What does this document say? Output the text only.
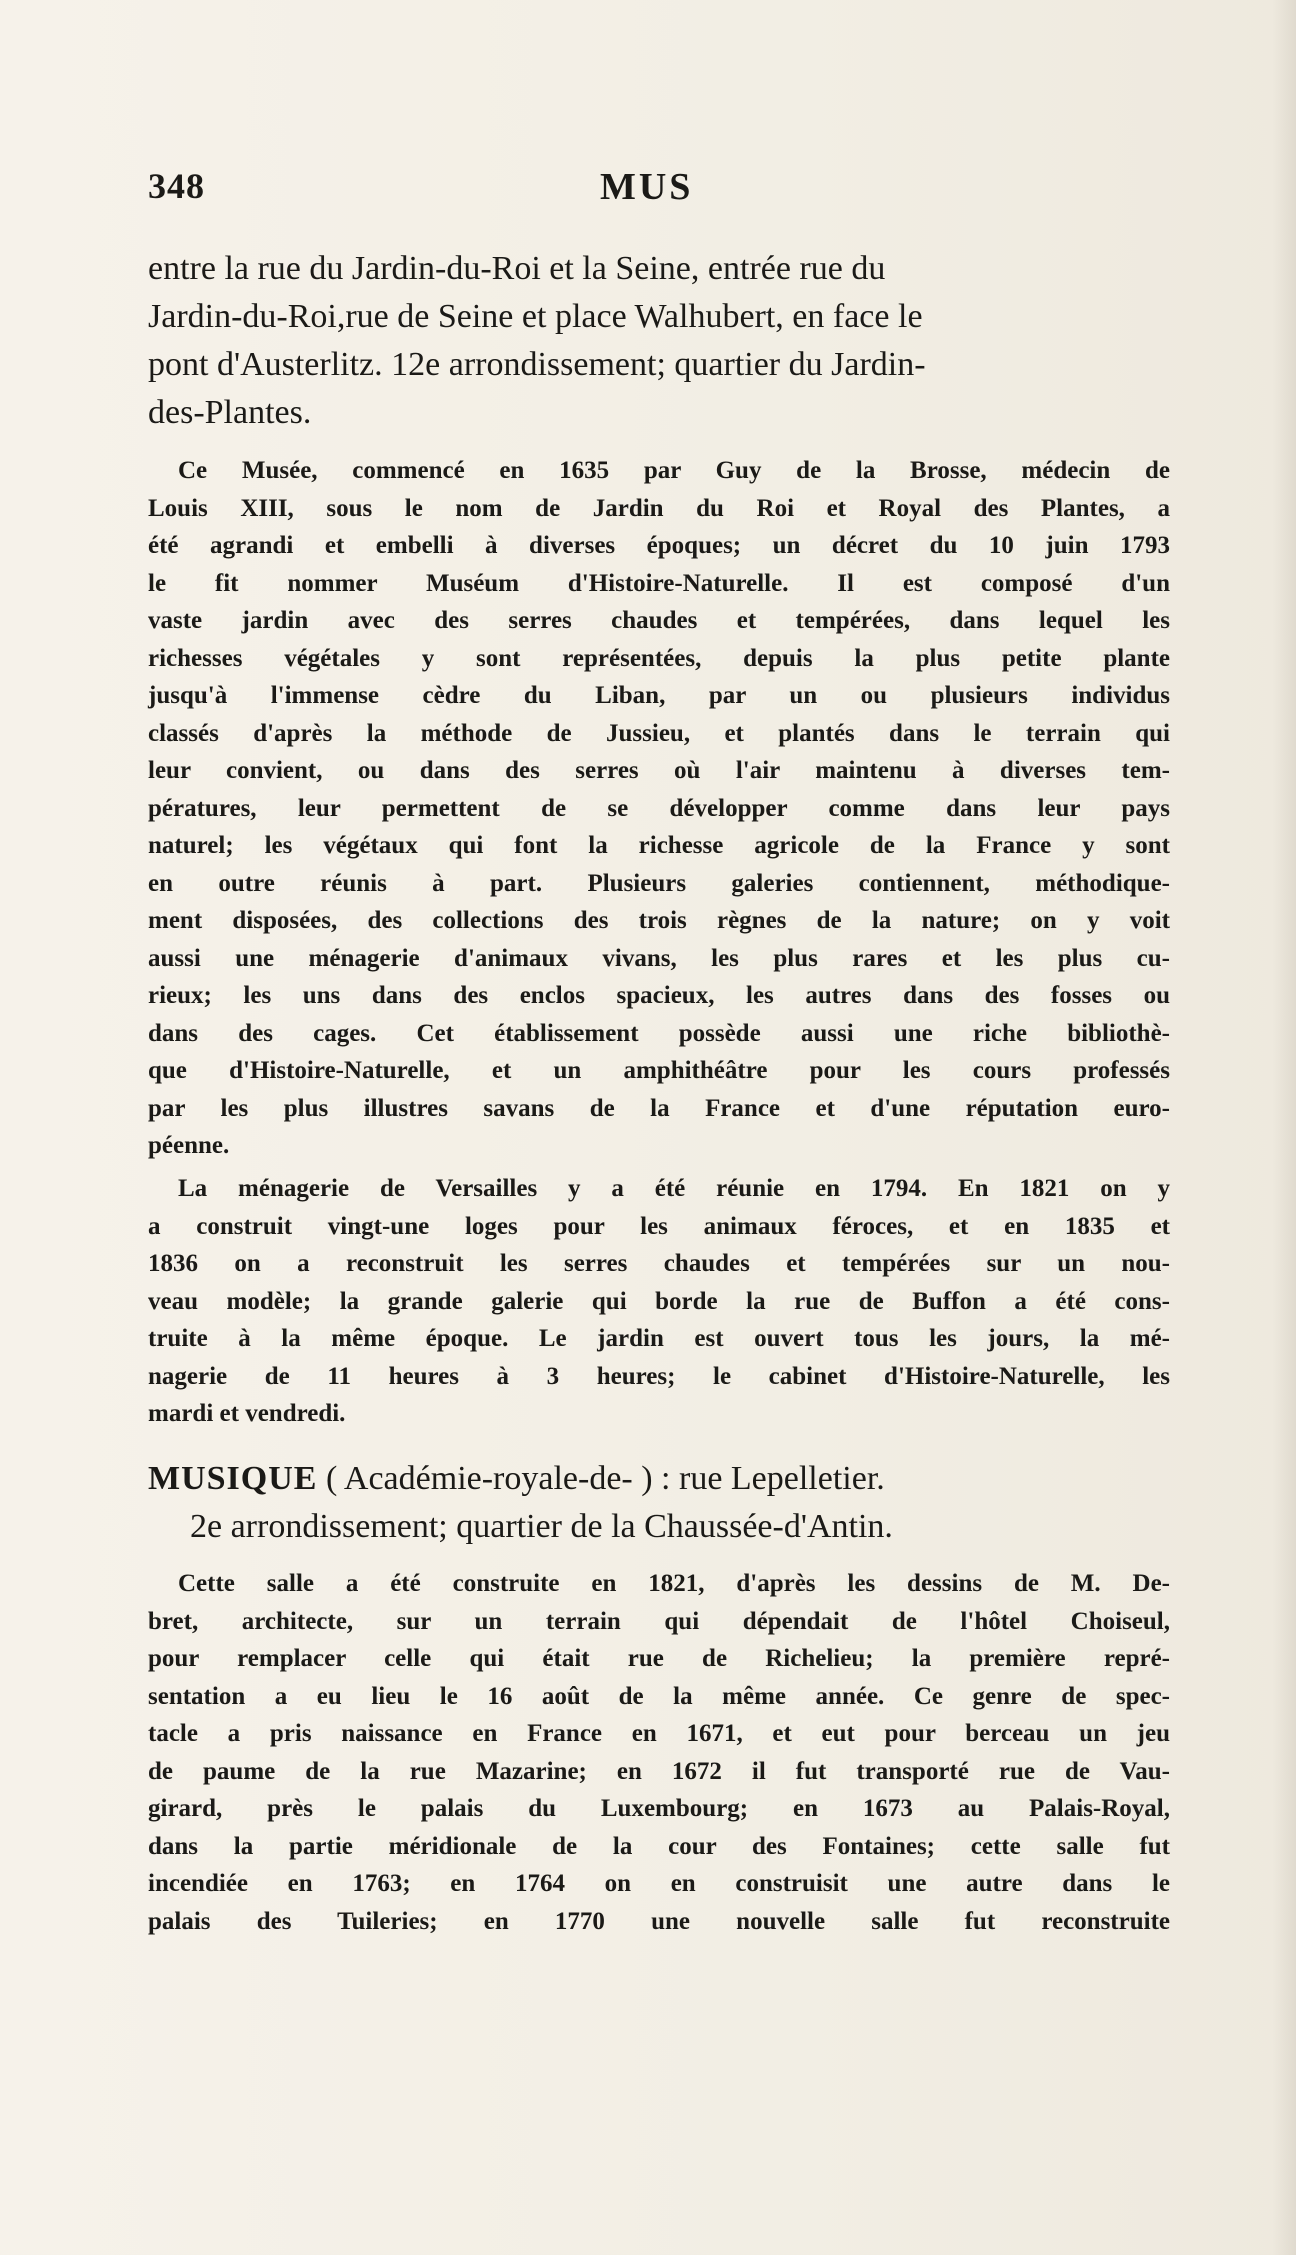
348	MUS
entre la rue du Jardin-du-Roi et la Seine, entrée rue du
Jardin-du-Roi,rue de Seine et place Walhubert, en face le
pont d'Austerlitz. 12e arrondissement; quartier du Jardin-
des-Plantes.
Ce Musée, commencé en 1635 par Guy de la Brosse, médecin de
Louis XIII, sous le nom de Jardin du Roi et Royal des Plantes, a
été agrandi et embelli à diverses époques; un décret du 10 juin 1793
le fit nommer Muséum d'Histoire-Naturelle. Il est composé d'un
vaste jardin avec des serres chaudes et tempérées, dans lequel les
richesses végétales y sont représentées, depuis la plus petite plante
jusqu'à l'immense cèdre du Liban, par un ou plusieurs individus
classés d'après la méthode de Jussieu, et plantés dans le terrain qui
leur convient, ou dans des serres où l'air maintenu à diverses tem-
pératures, leur permettent de se développer comme dans leur pays
naturel; les végétaux qui font la richesse agricole de la France y sont
en outre réunis à part. Plusieurs galeries contiennent, méthodique-
ment disposées, des collections des trois règnes de la nature; on y voit
aussi une ménagerie d'animaux vivans, les plus rares et les plus cu-
rieux; les uns dans des enclos spacieux, les autres dans des fosses ou
dans des cages. Cet établissement possède aussi une riche bibliothè-
que d'Histoire-Naturelle, et un amphithéâtre pour les cours professés
par les plus illustres savans de la France et d'une réputation euro-
péenne.
La ménagerie de Versailles y a été réunie en 1794. En 1821 on y
a construit vingt-une loges pour les animaux féroces, et en 1835 et
1836 on a reconstruit les serres chaudes et tempérées sur un nou-
veau modèle; la grande galerie qui borde la rue de Buffon a été cons-
truite à la même époque. Le jardin est ouvert tous les jours, la mé-
nagerie de 11 heures à 3 heures; le cabinet d'Histoire-Naturelle, les
mardi et vendredi.
MUSIQUE ( Académie-royale-de- ) : rue Lepelletier.
2e arrondissement; quartier de la Chaussée-d'Antin.
Cette salle a été construite en 1821, d'après les dessins de M. De-
bret, architecte, sur un terrain qui dépendait de l'hôtel Choiseul,
pour remplacer celle qui était rue de Richelieu; la première repré-
sentation a eu lieu le 16 août de la même année. Ce genre de spec-
tacle a pris naissance en France en 1671, et eut pour berceau un jeu
de paume de la rue Mazarine; en 1672 il fut transporté rue de Vau-
girard, près le palais du Luxembourg; en 1673 au Palais-Royal,
dans la partie méridionale de la cour des Fontaines; cette salle fut
incendiée en 1763; en 1764 on en construisit une autre dans le
palais des Tuileries; en 1770 une nouvelle salle fut reconstruite
